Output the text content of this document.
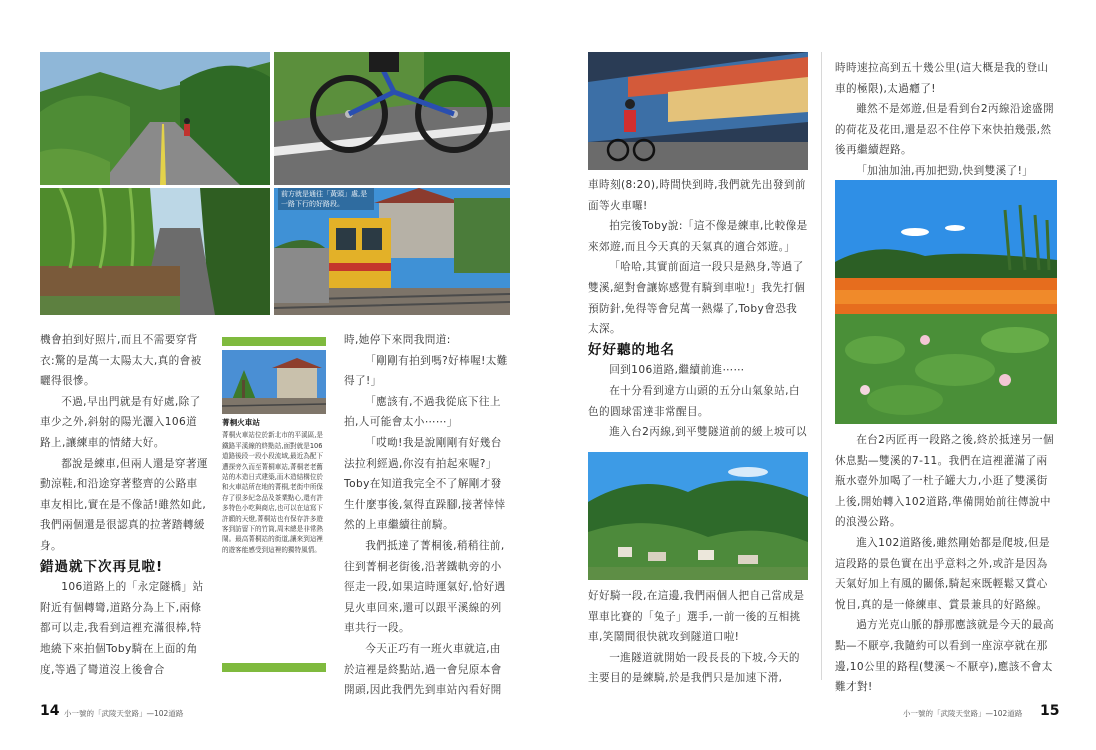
前方就是通往「黃頭」處,是一路下行的好路段。

機會拍到好照片,而且不需要穿背衣:驚的是萬一太陽太大,真的會被曬得很慘。

不過,早出門就是有好處,除了車少之外,斜射的陽光灑入106道路上,讓練車的情緒大好。

都說是練車,但兩人還是穿著運動涼鞋,和沿途穿著整齊的公路車車友相比,實在是不像話!雖然如此,我們兩個還是很認真的拉著踏轉緩身。

錯過就下次再見啦!

106道路上的「永定隧橋」站附近有個轉彎,道路分為上下,兩條都可以走,我看到這裡充滿很棒,特地繞下來拍個Toby騎在上面的角度,等過了彎道沒上後會合

菁桐火車站
菁桐火車站位於新北市的平溪區,是鐵路平溪線的終點站,面對就是106道路後段一段小段流域,最近為配下遭探旁久而至菁桐車站,菁桐老老舊站的木造日式建築,而木造結構位於和火車站所在地的菁桐,老街中所保存了很多紀念品及茶業點心,還有許多特色小吃與商店,也可以在這寫下許願的天燈,菁桐站也有保存許多遊客到訪留下的竹筒,周末總是非常熱鬧。最高菁桐站的街道,讓來到這裡的遊客能感受到這裡的獨特風情。

時,她停下來問我問道:

「剛剛有拍到嗎?好棒喔!太難得了!」

「應該有,不過我從底下往上拍,人可能會太小⋯⋯」

「哎呦!我是說剛剛有好幾台法拉利經過,你沒有拍起來喔?」Toby在知道我完全不了解剛才發生什麼事後,氣得直跺腳,接著悻悻然的上車繼續往前騎。

我們抵達了菁桐後,稍稍往前,往到菁桐老街後,沿著鐵軌旁的小徑走一段,如果這時運氣好,恰好遇見火車回來,還可以跟平溪線的列車共行一段。

今天正巧有一班火車就這,由於這裡是終點站,過一會兒原本會開頭,因此我們先到車站內看好開

14 小一號的「武陵天堂路」—102道路

車時刻(8:20),時間快到時,我們就先出發到前面等火車囉!

拍完後Toby說:「這不像是練車,比較像是來郊遊,而且今天真的天氣真的適合郊遊。」

「哈哈,其實前面這一段只是熱身,等過了雙溪,絕對會讓妳感覺有騎到車啦!」我先打個預防針,免得等會兒萬一熱爆了,Toby會恐我太深。

好好聽的地名

回到106道路,繼續前進⋯⋯

在十分看到違方山頭的五分山氣象站,白色的圓球雷達非常醒目。

進入台2丙線,到平雙隧道前的緩上坡可以

好好騎一段,在這邊,我們兩個人把自己當成是單車比賽的「兔子」選手,一前一後的互相挑車,笑鬧間很快就攻到隧道口啦!

一進隧道就開始一段長長的下坡,今天的主要目的是練騎,於是我們只是加速下滑,

時時速拉高到五十幾公里(這大概是我的登山車的極限),太過癮了!

雖然不是郊遊,但是看到台2丙線沿途盛開的荷花及花田,還是忍不住停下來快拍幾張,然後再繼續趕路。

「加油加油,再加把勁,快到雙溪了!」

在台2丙匠再一段路之後,終於抵達另一個休息點—雙溪的7-11。我們在這裡灌滿了兩瓶水壺外加喝了一杜子罐大力,小逛了雙溪街上後,開始轉入102道路,準備開始前往傳說中的浪漫公路。

進入102道路後,雖然剛始都是爬坡,但是這段路的景色實在出乎意料之外,或許是因為天氣好加上有風的關係,騎起來既輕鬆又賞心悅目,真的是一條練車、賞景兼具的好路線。

過方光克山脈的靜那應該就是今天的最高點—不厭亭,我隨約可以看到一座涼亭就在那邊,10公里的路程(雙溪〜不厭亭),應該不會太難才對!

小一號的「武陵天堂路」—102道路 15
